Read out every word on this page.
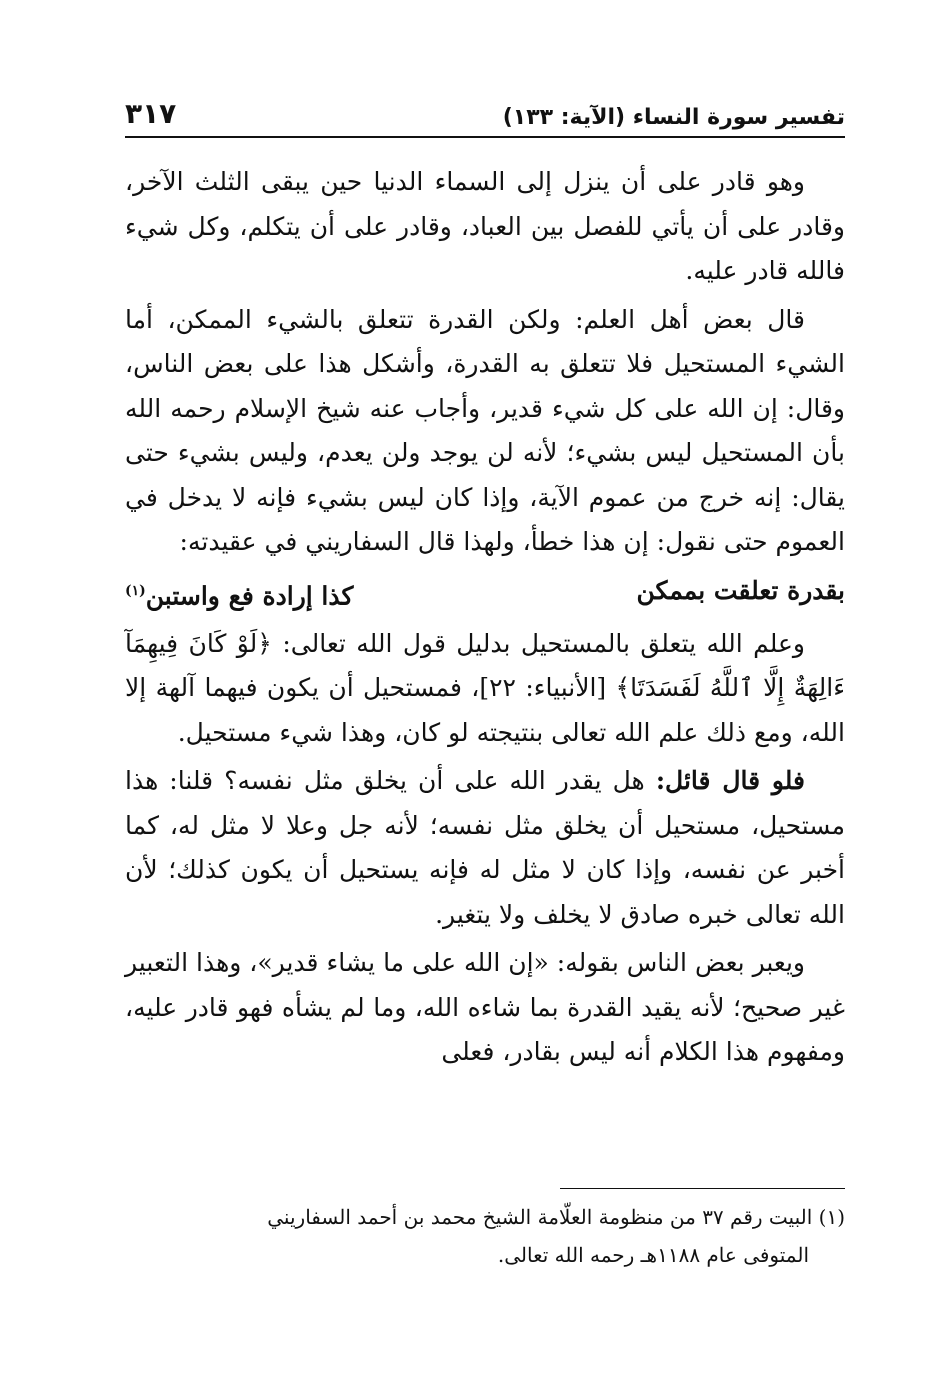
تفسير سورة النساء (الآية: ١٣٣)
٣١٧

وهو قادر على أن ينزل إلى السماء الدنيا حين يبقى الثلث الآخر، وقادر على أن يأتي للفصل بين العباد، وقادر على أن يتكلم، وكل شيء فالله قادر عليه.

قال بعض أهل العلم: ولكن القدرة تتعلق بالشيء الممكن، أما الشيء المستحيل فلا تتعلق به القدرة، وأشكل هذا على بعض الناس، وقال: إن الله على كل شيء قدير، وأجاب عنه شيخ الإسلام رحمه الله بأن المستحيل ليس بشيء؛ لأنه لن يوجد ولن يعدم، وليس بشيء حتى يقال: إنه خرج من عموم الآية، وإذا كان ليس بشيء فإنه لا يدخل في العموم حتى نقول: إن هذا خطأ، ولهذا قال السفاريني في عقيدته:

بقدرة تعلقت بممكن
كذا إرادة فع واستبن$^{(١)}$

وعلم الله يتعلق بالمستحيل بدليل قول الله تعالى: ﴿لَوْ كَانَ فِيهِمَآ ءَالِهَةٌ إِلَّا ٱللَّهُ لَفَسَدَتَا﴾ [الأنبياء: ٢٢]، فمستحيل أن يكون فيهما آلهة إلا الله، ومع ذلك علم الله تعالى بنتيجته لو كان، وهذا شيء مستحيل.

فلو قال قائل: هل يقدر الله على أن يخلق مثل نفسه؟ قلنا: هذا مستحيل، مستحيل أن يخلق مثل نفسه؛ لأنه جل وعلا لا مثل له، كما أخبر عن نفسه، وإذا كان لا مثل له فإنه يستحيل أن يكون كذلك؛ لأن الله تعالى خبره صادق لا يخلف ولا يتغير.

ويعبر بعض الناس بقوله: «إن الله على ما يشاء قدير»، وهذا التعبير غير صحيح؛ لأنه يقيد القدرة بما شاءه الله، وما لم يشأه فهو قادر عليه، ومفهوم هذا الكلام أنه ليس بقادر، فعلى

(١) البيت رقم ٣٧ من منظومة العلّامة الشيخ محمد بن أحمد السفاريني

المتوفى عام ١١٨٨هـ رحمه الله تعالى.
